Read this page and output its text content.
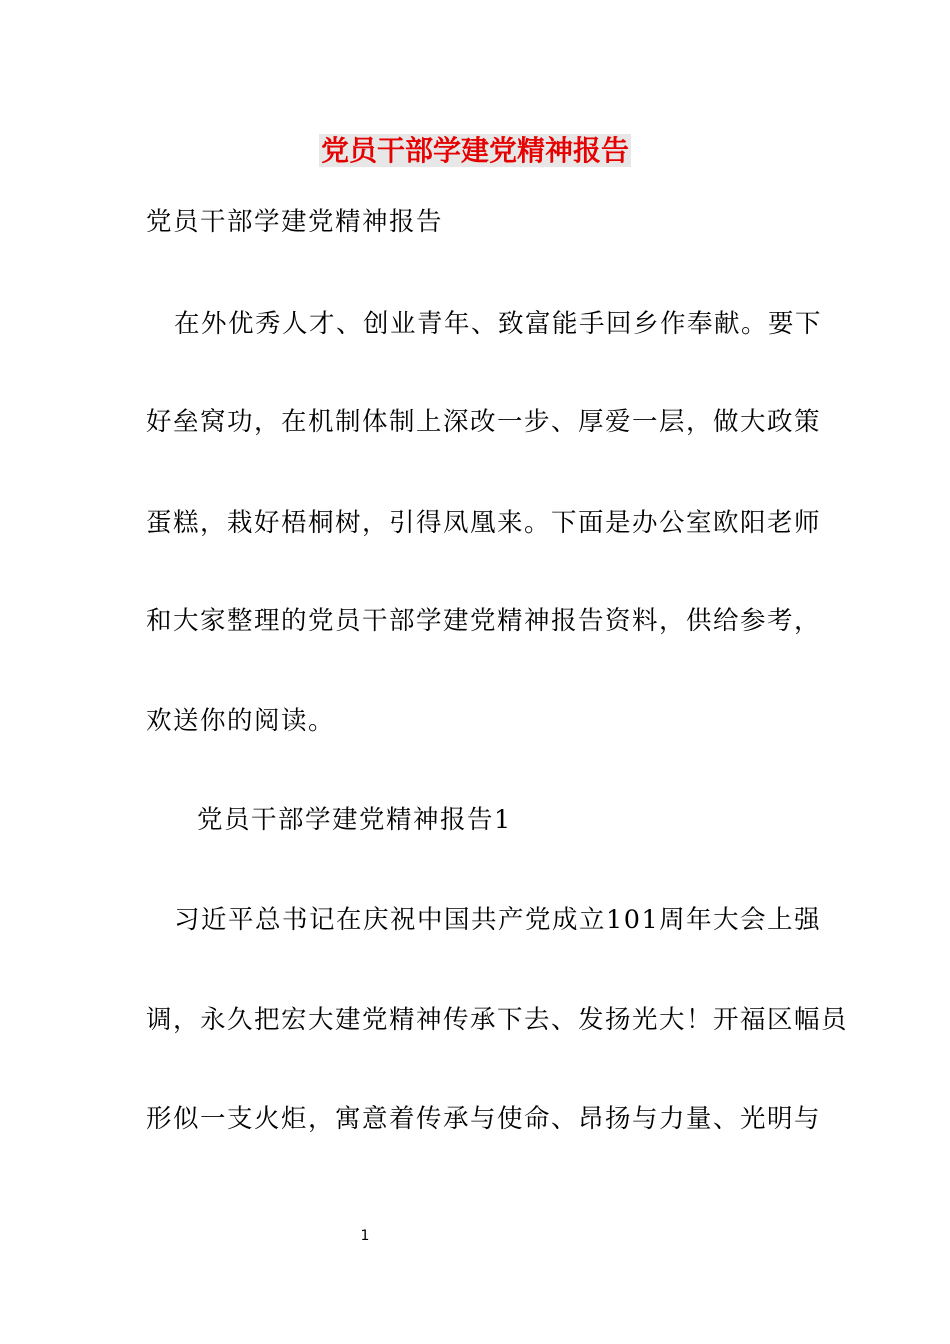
党员干部学建党精神报告
党员干部学建党精神报告
在外优秀人才、创业青年、致富能手回乡作奉献。要下
好垒窝功，在机制体制上深改一步、厚爱一层，做大政策
蛋糕，栽好梧桐树，引得凤凰来。下面是办公室欧阳老师
和大家整理的党员干部学建党精神报告资料，供给参考，
欢送你的阅读。
党员干部学建党精神报告1
习近平总书记在庆祝中国共产党成立101周年大会上强
调，永久把宏大建党精神传承下去、发扬光大！开福区幅员
形似一支火炬，寓意着传承与使命、昂扬与力量、光明与
1
